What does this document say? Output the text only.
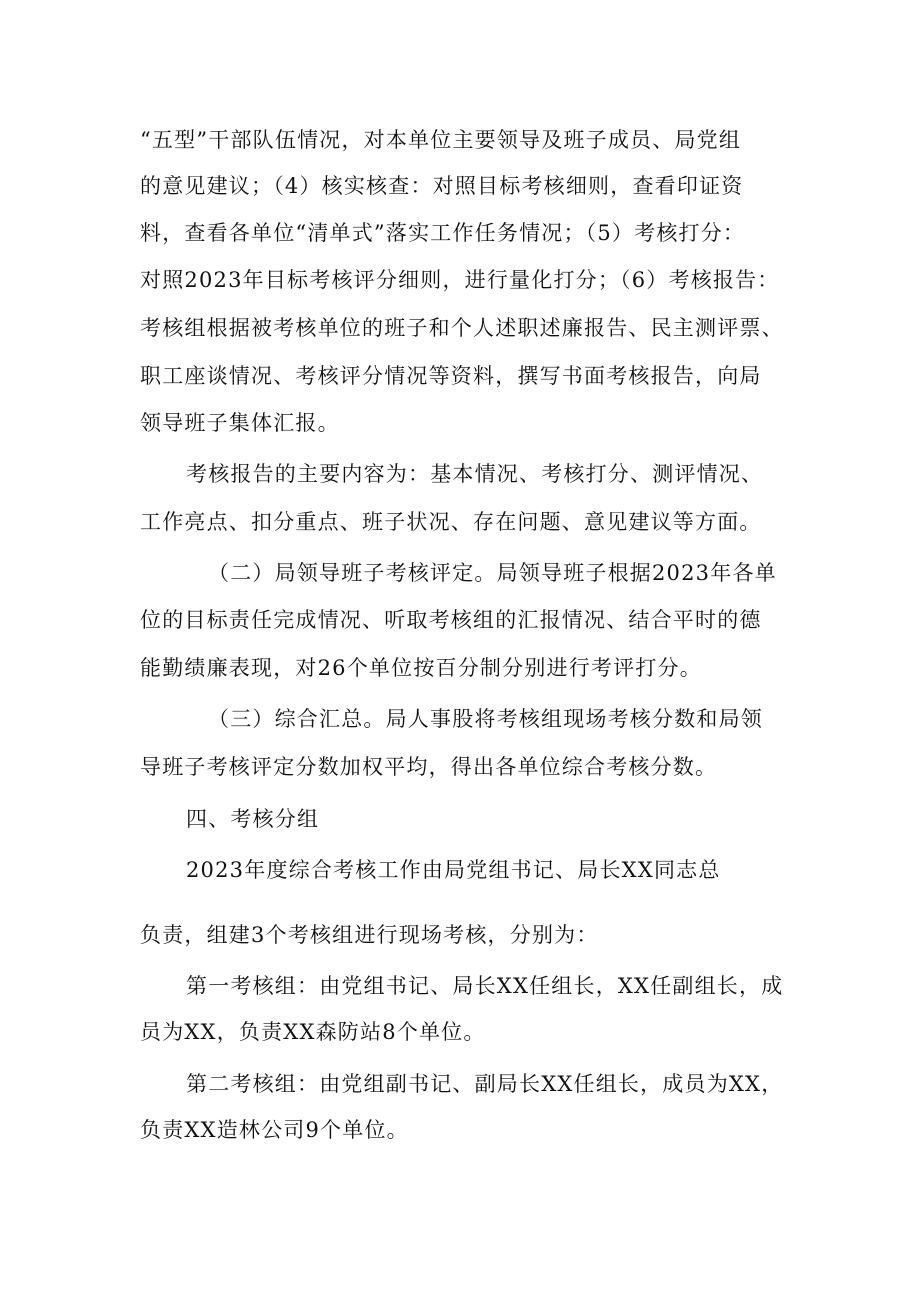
“五型”干部队伍情况，对本单位主要领导及班子成员、局党组
的意见建议；（4）核实核查：对照目标考核细则，查看印证资
料，查看各单位“清单式”落实工作任务情况；（5）考核打分：
对照2023年目标考核评分细则，进行量化打分；（6）考核报告：
考核组根据被考核单位的班子和个人述职述廉报告、民主测评票、
职工座谈情况、考核评分情况等资料，撰写书面考核报告，向局
领导班子集体汇报。
考核报告的主要内容为：基本情况、考核打分、测评情况、
工作亮点、扣分重点、班子状况、存在问题、意见建议等方面。
（二）局领导班子考核评定。局领导班子根据2023年各单
位的目标责任完成情况、听取考核组的汇报情况、结合平时的德
能勤绩廉表现，对26个单位按百分制分别进行考评打分。
（三）综合汇总。局人事股将考核组现场考核分数和局领
导班子考核评定分数加权平均，得出各单位综合考核分数。
四、考核分组
2023年度综合考核工作由局党组书记、局长XX同志总
负责，组建3个考核组进行现场考核，分别为：
第一考核组：由党组书记、局长XX任组长，XX任副组长，成
员为XX，负责XX森防站8个单位。
第二考核组：由党组副书记、副局长XX任组长，成员为XX，
负责XX造林公司9个单位。
